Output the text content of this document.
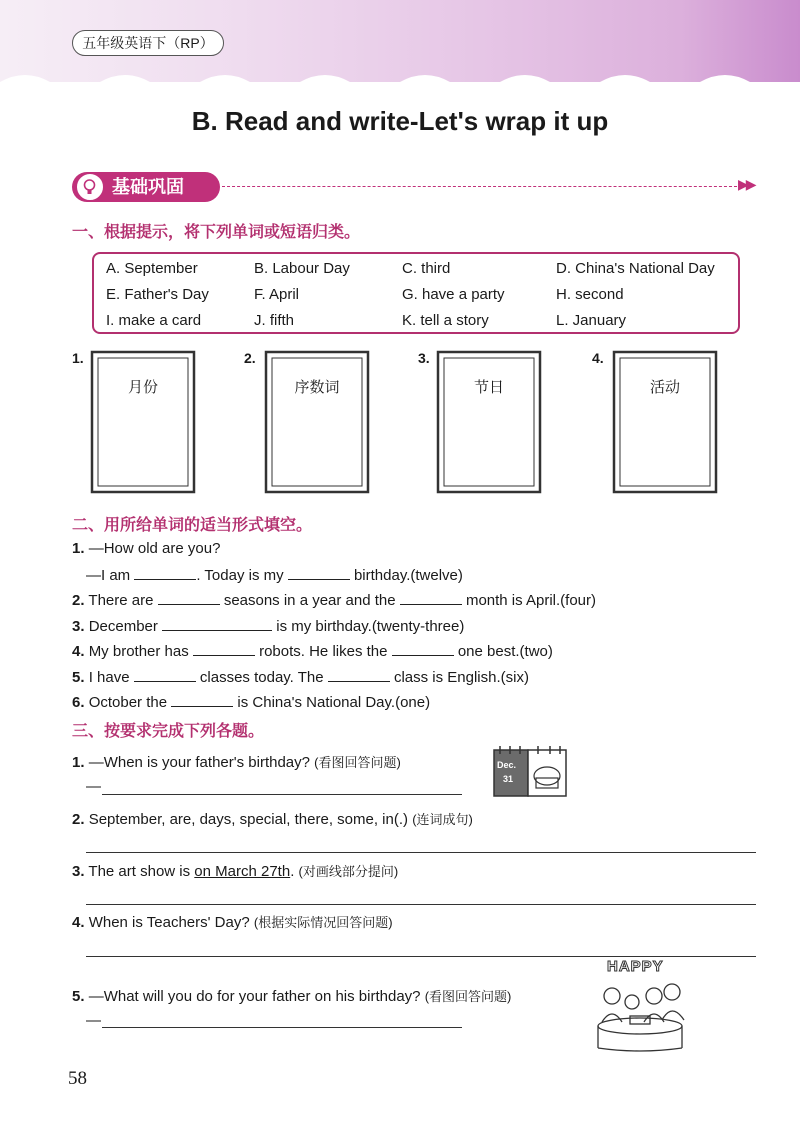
五年级英语下（RP）
B. Read and write-Let's wrap it up
基础巩固	▶▶
一、根据提示，将下列单词或短语归类。
A. September	B. Labour Day	C. third	D. China's National Day
E. Father's Day	F. April	G. have a party	H. second
I. make a card	J. fifth	K. tell a story	L. January
1.
月份
2.
序数词
3.
节日
4.
活动
二、用所给单词的适当形式填空。
1. —How old are you?
—I am	. Today is my	birthday.(twelve)
2. There are	seasons in a year and the	month is April.(four)
3. December	is my birthday.(twenty-three)
4. My brother has	robots. He likes the	one best.(two)
5. I have	classes today. The	class is English.(six)
6. October the	is China's National Day.(one)
三、按要求完成下列各题。
1. —When is your father's birthday? (看图回答问题)
—
Dec.
31
2. September, are, days, special, there, some, in(.) (连词成句)
3. The art show is on March 27th. (对画线部分提问)
4. When is Teachers' Day? (根据实际情况回答问题)
5. —What will you do for your father on his birthday? (看图回答问题)
—
HAPPY
58
